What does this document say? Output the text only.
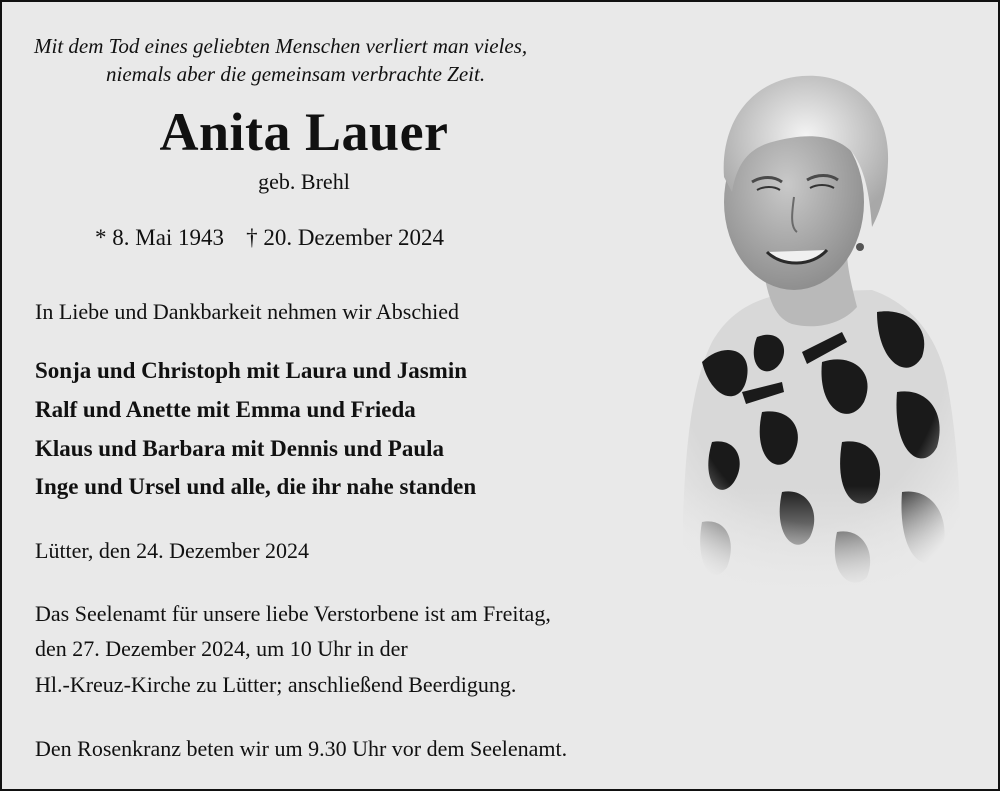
Mit dem Tod eines geliebten Menschen verliert man vieles,

niemals aber die gemeinsam verbrachte Zeit.

Anita Lauer

geb. Brehl

* 8. Mai 1943 † 20. Dezember 2024

In Liebe und Dankbarkeit nehmen wir Abschied

Sonja und Christoph mit Laura und Jasmin

Ralf und Anette mit Emma und Frieda

Klaus und Barbara mit Dennis und Paula

Inge und Ursel und alle, die ihr nahe standen

Lütter, den 24. Dezember 2024

Das Seelenamt für unsere liebe Verstorbene ist am Freitag,

den 27. Dezember 2024, um 10 Uhr in der

Hl.-Kreuz-Kirche zu Lütter; anschließend Beerdigung.

Den Rosenkranz beten wir um 9.30 Uhr vor dem Seelenamt.
